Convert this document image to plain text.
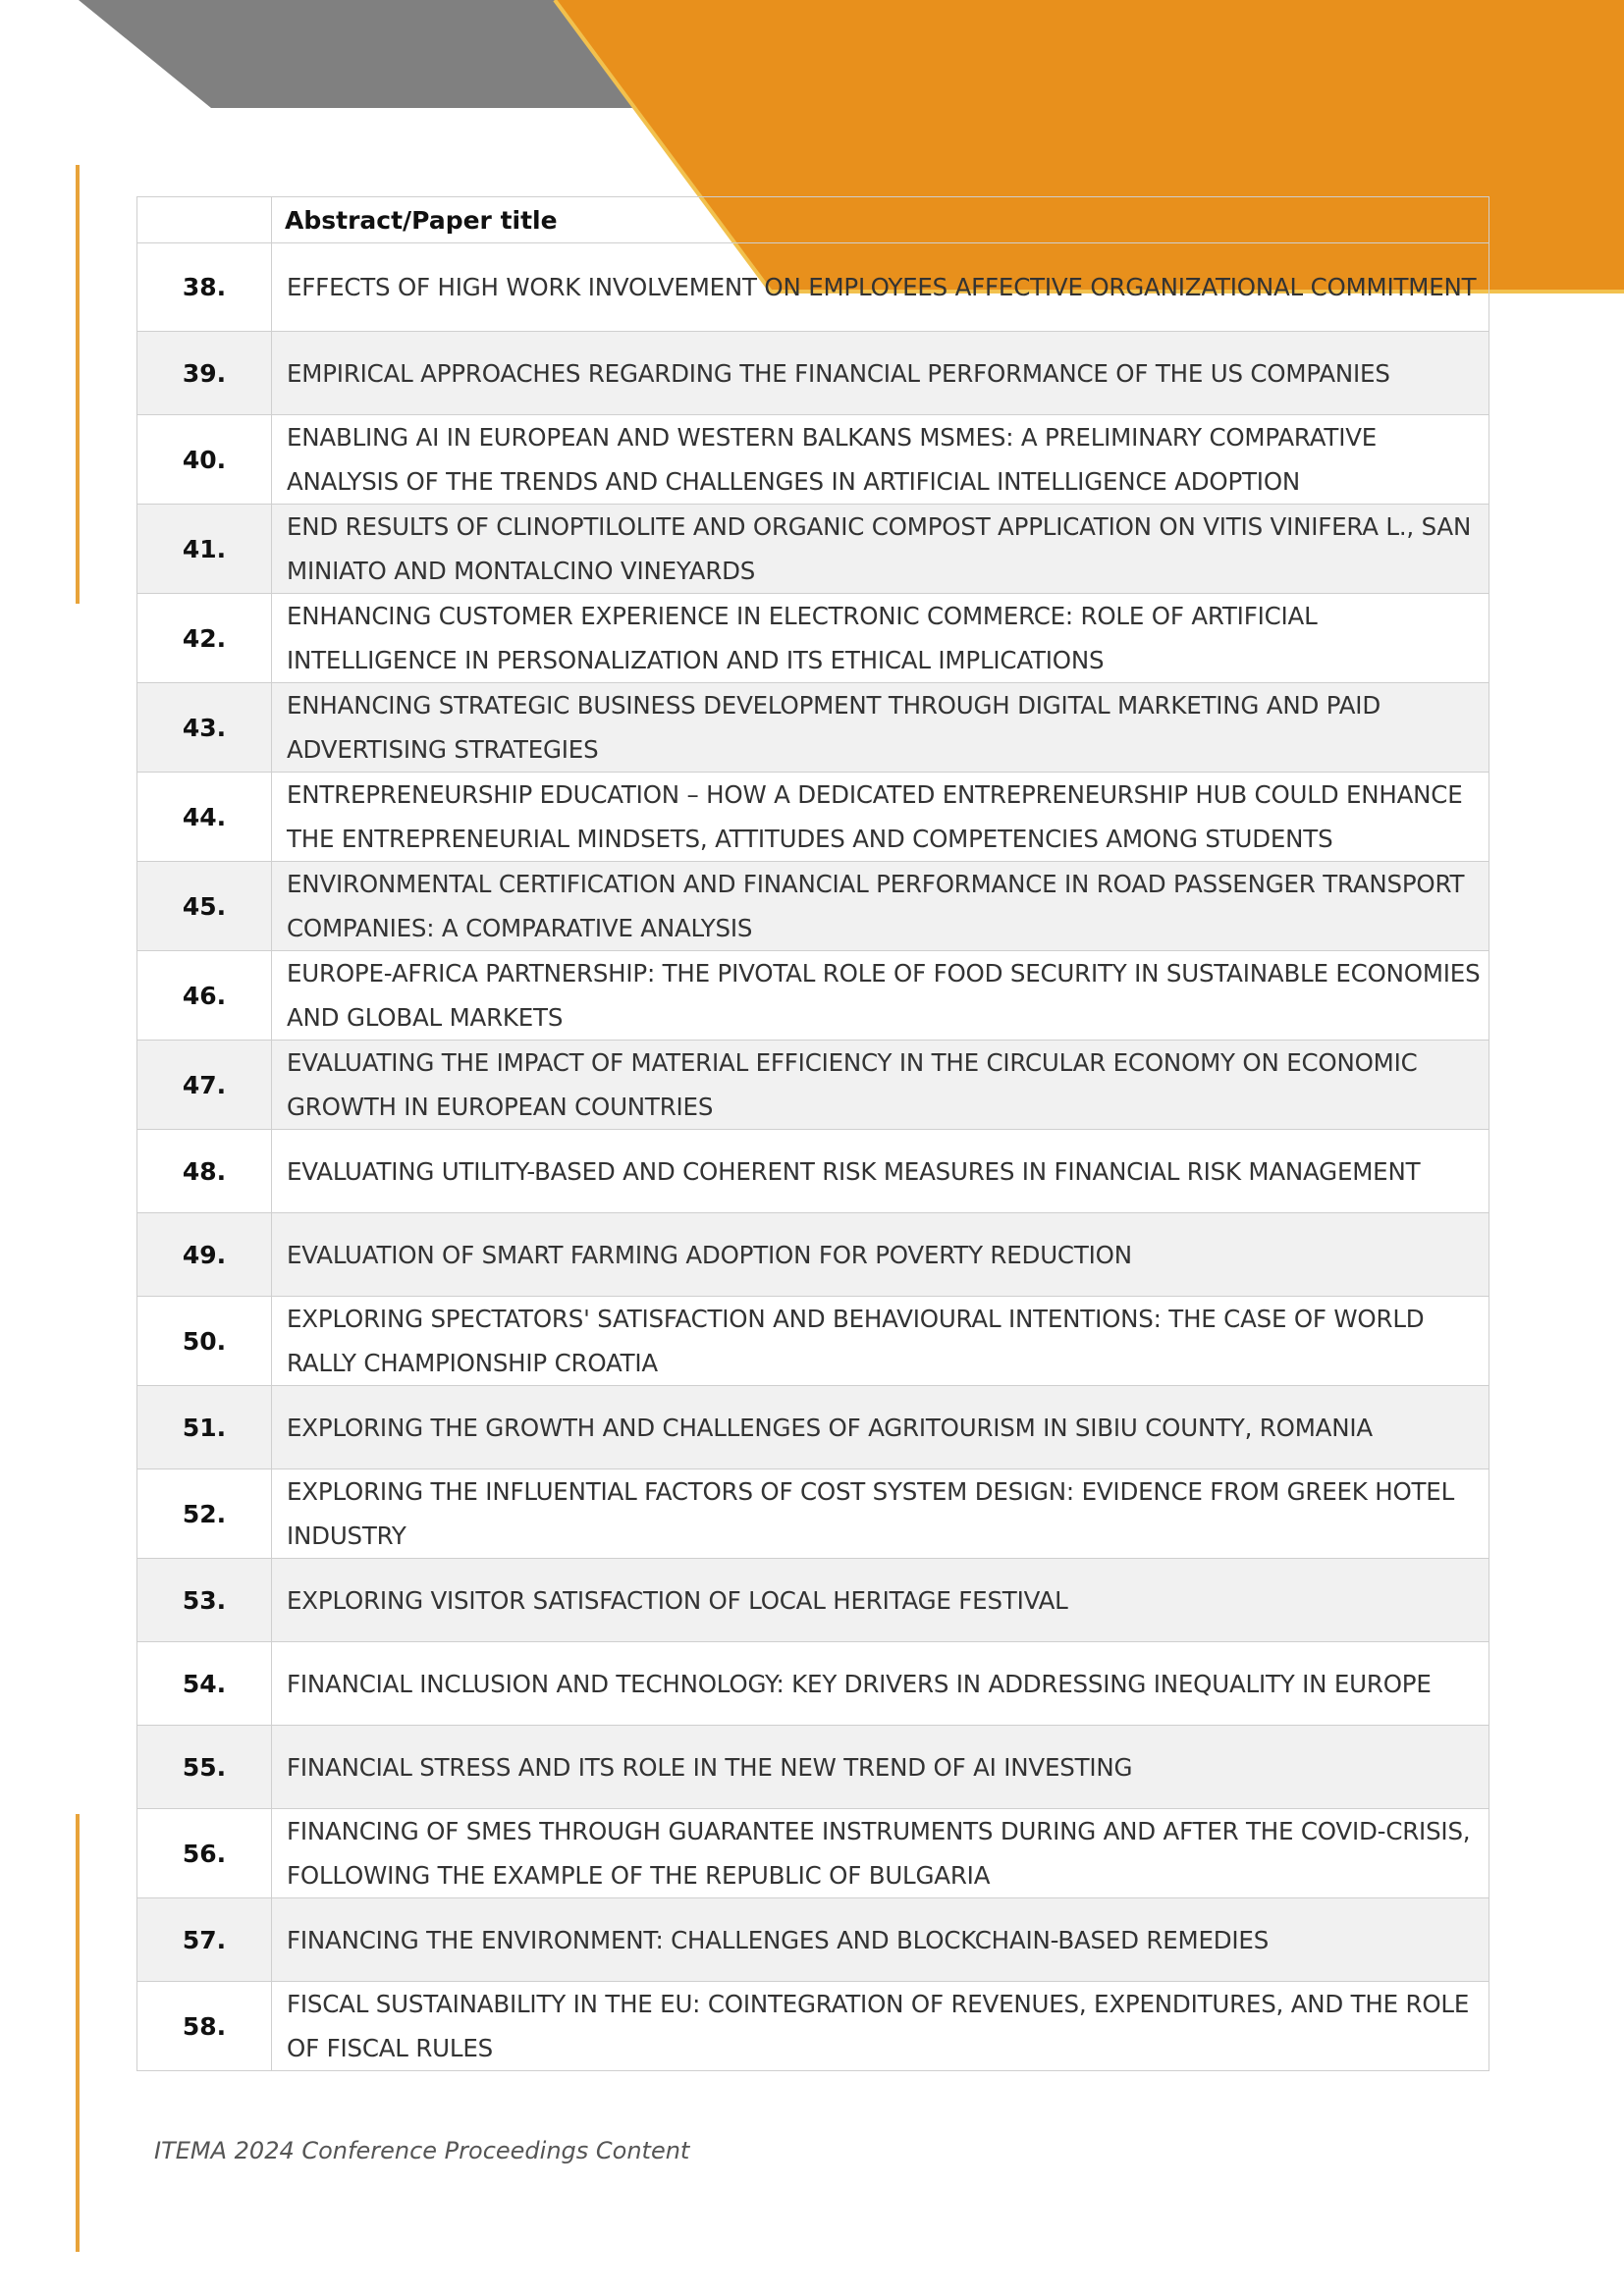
	Abstract/Paper title
38.	EFFECTS OF HIGH WORK INVOLVEMENT ON EMPLOYEES AFFECTIVE ORGANIZATIONAL COMMITMENT
39.	EMPIRICAL APPROACHES REGARDING THE FINANCIAL PERFORMANCE OF THE US COMPANIES
40.	ENABLING AI IN EUROPEAN AND WESTERN BALKANS MSMES: A PRELIMINARY COMPARATIVE ANALYSIS OF THE TRENDS AND CHALLENGES IN ARTIFICIAL INTELLIGENCE ADOPTION
41.	END RESULTS OF CLINOPTILOLITE AND ORGANIC COMPOST APPLICATION ON VITIS VINIFERA L., SAN MINIATO AND MONTALCINO VINEYARDS
42.	ENHANCING CUSTOMER EXPERIENCE IN ELECTRONIC COMMERCE: ROLE OF ARTIFICIAL INTELLIGENCE IN PERSONALIZATION AND ITS ETHICAL IMPLICATIONS
43.	ENHANCING STRATEGIC BUSINESS DEVELOPMENT THROUGH DIGITAL MARKETING AND PAID ADVERTISING STRATEGIES
44.	ENTREPRENEURSHIP EDUCATION – HOW A DEDICATED ENTREPRENEURSHIP HUB COULD ENHANCE THE ENTREPRENEURIAL MINDSETS, ATTITUDES AND COMPETENCIES AMONG STUDENTS
45.	ENVIRONMENTAL CERTIFICATION AND FINANCIAL PERFORMANCE IN ROAD PASSENGER TRANSPORT COMPANIES: A COMPARATIVE ANALYSIS
46.	EUROPE-AFRICA PARTNERSHIP: THE PIVOTAL ROLE OF FOOD SECURITY IN SUSTAINABLE ECONOMIES AND GLOBAL MARKETS
47.	EVALUATING THE IMPACT OF MATERIAL EFFICIENCY IN THE CIRCULAR ECONOMY ON ECONOMIC GROWTH IN EUROPEAN COUNTRIES
48.	EVALUATING UTILITY-BASED AND COHERENT RISK MEASURES IN FINANCIAL RISK MANAGEMENT
49.	EVALUATION OF SMART FARMING ADOPTION FOR POVERTY REDUCTION
50.	EXPLORING SPECTATORS' SATISFACTION AND BEHAVIOURAL INTENTIONS: THE CASE OF WORLD RALLY CHAMPIONSHIP CROATIA
51.	EXPLORING THE GROWTH AND CHALLENGES OF AGRITOURISM IN SIBIU COUNTY, ROMANIA
52.	EXPLORING THE INFLUENTIAL FACTORS OF COST SYSTEM DESIGN: EVIDENCE FROM GREEK HOTEL INDUSTRY
53.	EXPLORING VISITOR SATISFACTION OF LOCAL HERITAGE FESTIVAL
54.	FINANCIAL INCLUSION AND TECHNOLOGY: KEY DRIVERS IN ADDRESSING INEQUALITY IN EUROPE
55.	FINANCIAL STRESS AND ITS ROLE IN THE NEW TREND OF AI INVESTING
56.	FINANCING OF SMES THROUGH GUARANTEE INSTRUMENTS DURING AND AFTER THE COVID-CRISIS, FOLLOWING THE EXAMPLE OF THE REPUBLIC OF BULGARIA
57.	FINANCING THE ENVIRONMENT: CHALLENGES AND BLOCKCHAIN-BASED REMEDIES
58.	FISCAL SUSTAINABILITY IN THE EU: COINTEGRATION OF REVENUES, EXPENDITURES, AND THE ROLE OF FISCAL RULES
ITEMA 2024 Conference Proceedings Content
